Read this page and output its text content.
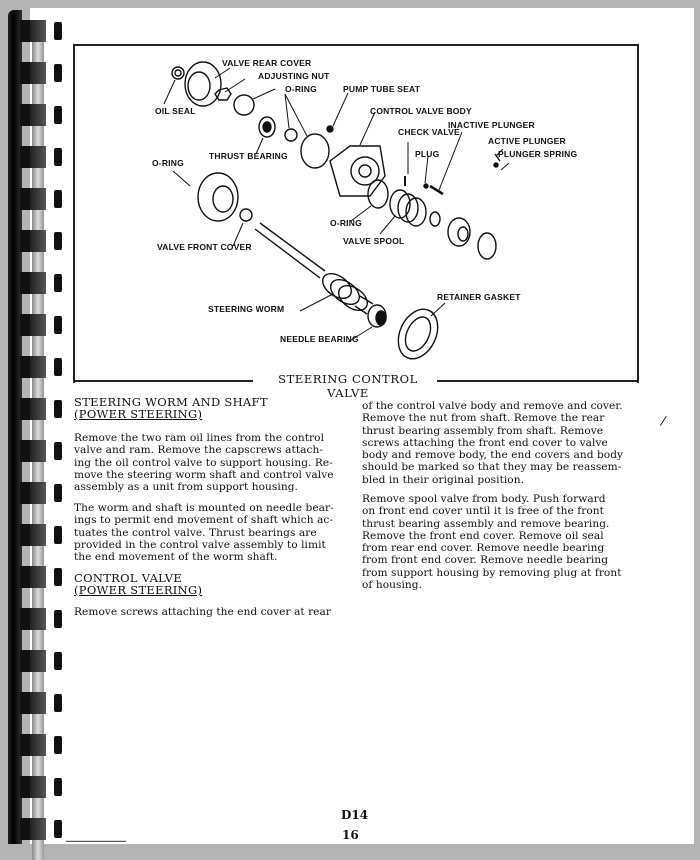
STEERING CONTROL VALVE
VALVE REAR COVER
ADJUSTING NUT
O-RING	PUMP TUBE SEAT
OIL SEAL	CONTROL VALVE BODY
INACTIVE PLUNGER
CHECK VALVE
ACTIVE PLUNGER
PLUG	PLUNGER SPRING
THRUST BEARING
O-RING
O-RING
VALVE SPOOL
VALVE FRONT COVER
RETAINER GASKET
STEERING WORM
NEEDLE BEARING
STEERING WORM AND SHAFT
(POWER STEERING)
Remove the two ram oil lines from the control
valve and ram. Remove the capscrews attach-
ing the oil control valve to support housing. Re-
move the steering worm shaft and control valve
assembly as a unit from support housing.
The worm and shaft is mounted on needle bear-
ings to permit end movement of shaft which ac-
tuates the control valve. Thrust bearings are
provided in the control valve assembly to limit
the end movement of the worm shaft.
CONTROL VALVE
(POWER STEERING)
Remove screws attaching the end cover at rear
of the control valve body and remove and cover.
Remove the nut from shaft. Remove the rear
thrust bearing assembly from shaft. Remove
screws attaching the front end cover to valve
body and remove body, the end covers and body
should be marked so that they may be reassem-
bled in their original position.
Remove spool valve from body. Push forward
on front end cover until it is free of the front
thrust bearing assembly and remove bearing.
Remove the front end cover. Remove oil seal
from rear end cover. Remove needle bearing
from front end cover. Remove needle bearing
from support housing by removing plug at front
of housing.
/
D14
16
▬▬▬▬▬▬▬▬▬▬▬▬▬▬▬
